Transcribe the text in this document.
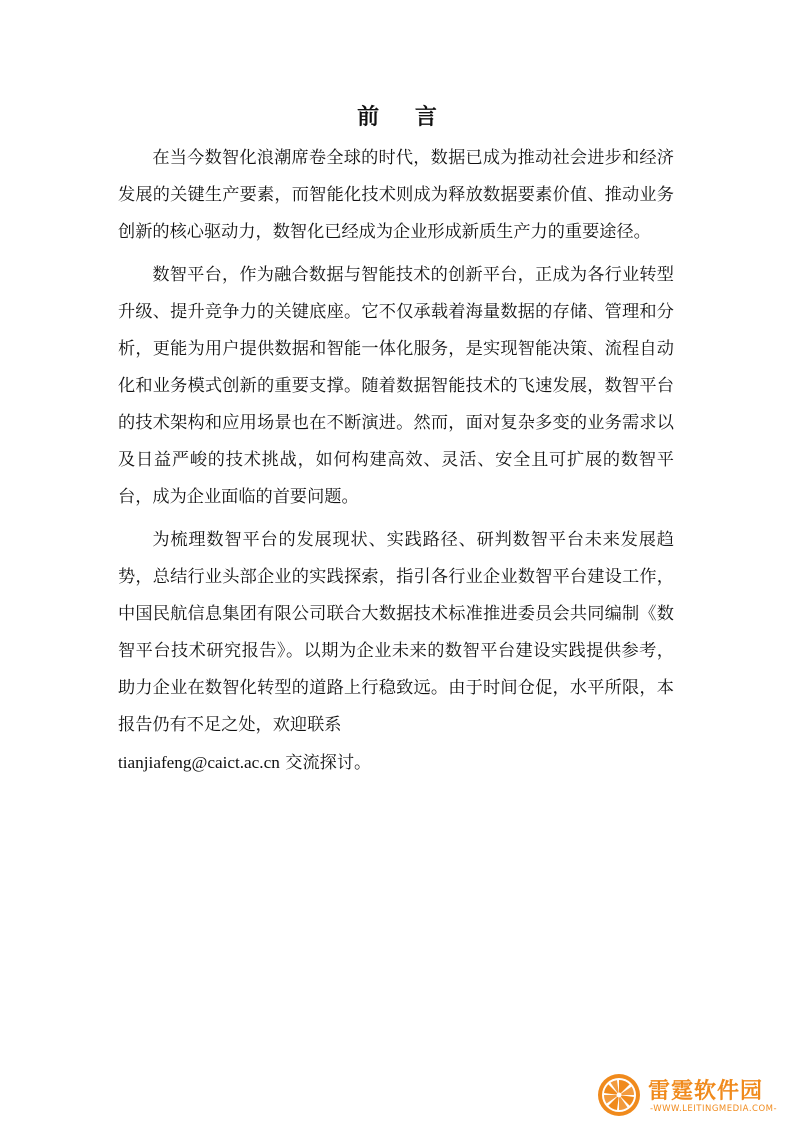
前 言

在当今数智化浪潮席卷全球的时代，数据已成为推动社会进步和经济发展的关键生产要素，而智能化技术则成为释放数据要素价值、推动业务创新的核心驱动力，数智化已经成为企业形成新质生产力的重要途径。

数智平台，作为融合数据与智能技术的创新平台，正成为各行业转型升级、提升竞争力的关键底座。它不仅承载着海量数据的存储、管理和分析，更能为用户提供数据和智能一体化服务，是实现智能决策、流程自动化和业务模式创新的重要支撑。随着数据智能技术的飞速发展，数智平台的技术架构和应用场景也在不断演进。然而，面对复杂多变的业务需求以及日益严峻的技术挑战，如何构建高效、灵活、安全且可扩展的数智平台，成为企业面临的首要问题。

为梳理数智平台的发展现状、实践路径、研判数智平台未来发展趋势，总结行业头部企业的实践探索，指引各行业企业数智平台建设工作，中国民航信息集团有限公司联合大数据技术标准推进委员会共同编制《数智平台技术研究报告》。以期为企业未来的数智平台建设实践提供参考，助力企业在数智化转型的道路上行稳致远。由于时间仓促，水平所限，本报告仍有不足之处，欢迎联系
tianjiafeng@caict.ac.cn 交流探讨。

雷霆软件园
-WWW.LEITINGMEDIA.COM-
